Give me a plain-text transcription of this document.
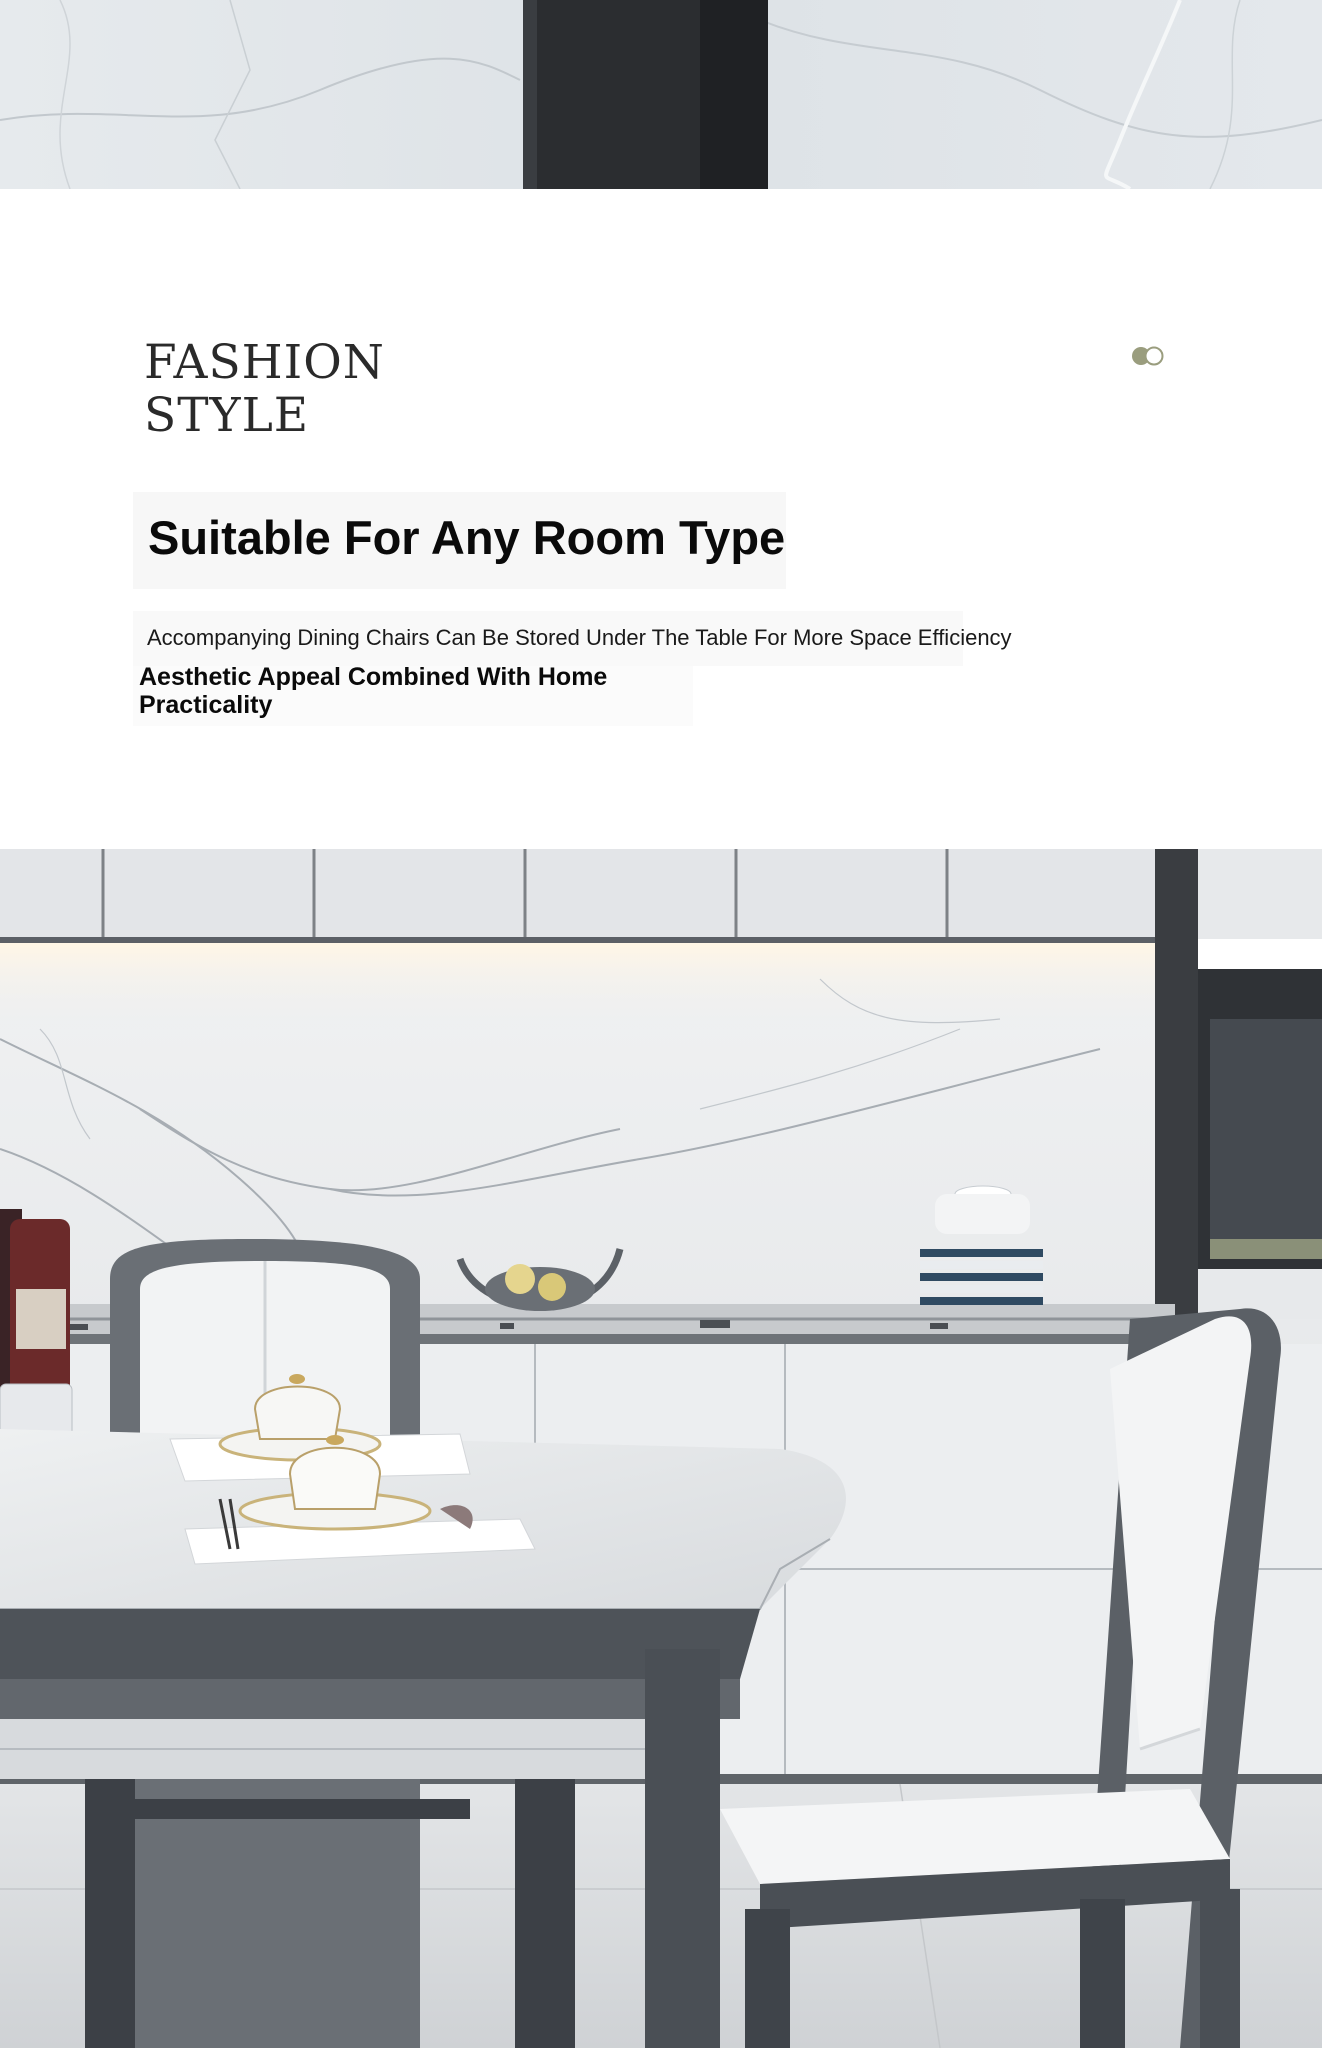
FASHION
STYLE
Suitable For Any Room Type

Accompanying Dining Chairs Can Be Stored Under The Table For More Space Efficiency

Aesthetic Appeal Combined With Home Practicality
